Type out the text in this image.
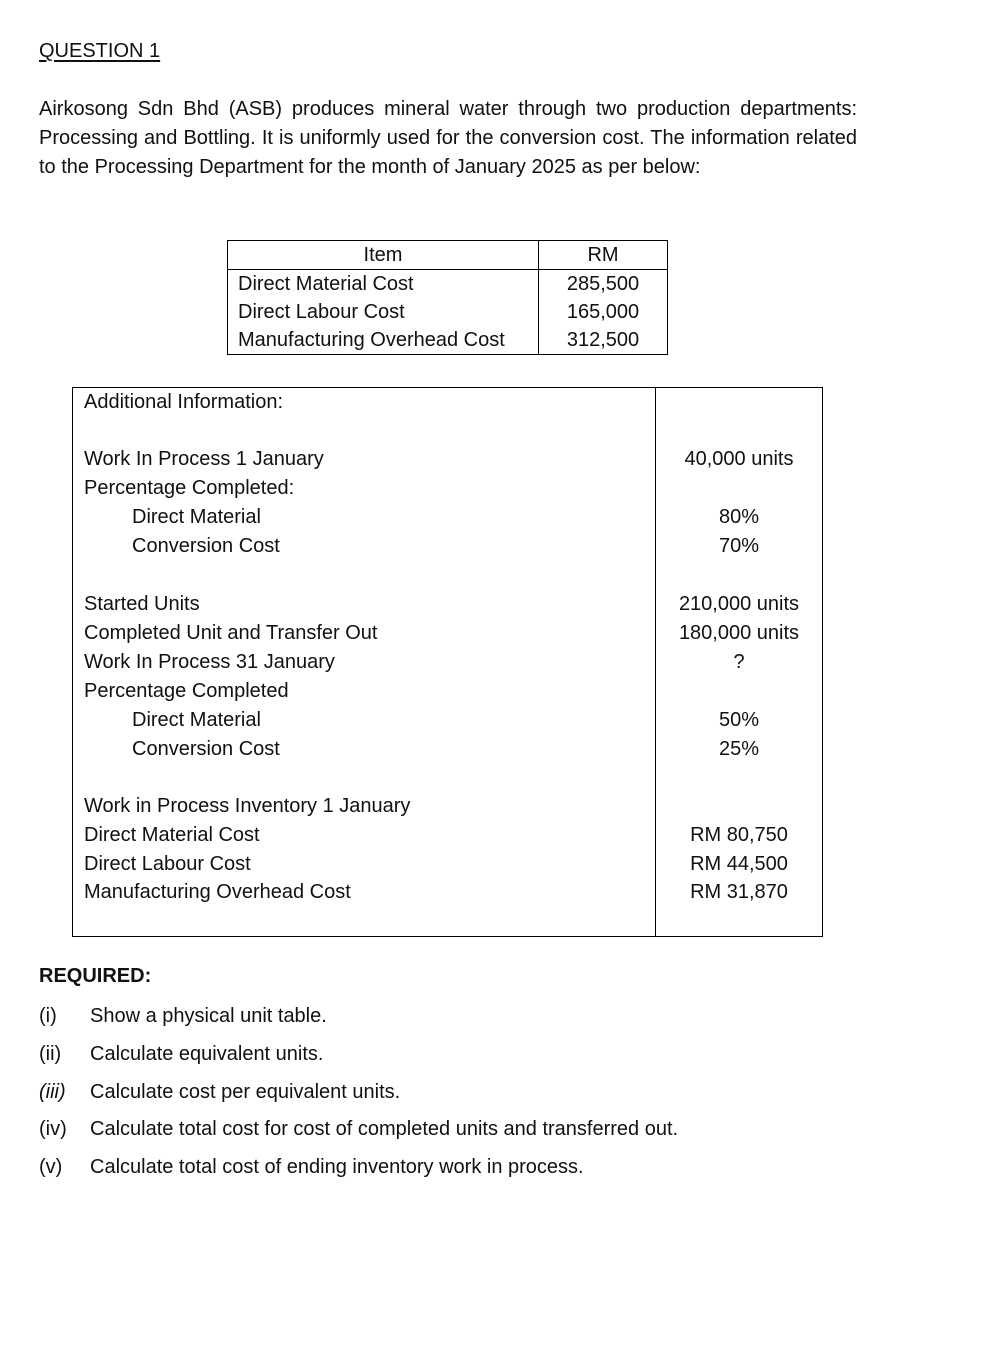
QUESTION 1
Airkosong Sdn Bhd (ASB) produces mineral water through two production departments: Processing and Bottling. It is uniformly used for the conversion cost. The information related to the Processing Department for the month of January 2025 as per below:
Item	RM
Direct Material Cost	285,500
Direct Labour Cost	165,000
Manufacturing Overhead Cost	312,500
Additional Information:
Work In Process 1 January	40,000 units
Percentage Completed:
Direct Material	80%
Conversion Cost	70%
Started Units	210,000 units
Completed Unit and Transfer Out	180,000 units
Work In Process 31 January	?
Percentage Completed
Direct Material	50%
Conversion Cost	25%
Work in Process Inventory 1 January
Direct Material Cost	RM 80,750
Direct Labour Cost	RM 44,500
Manufacturing Overhead Cost	RM 31,870
REQUIRED:
(i) Show a physical unit table.
(ii) Calculate equivalent units.
(iii) Calculate cost per equivalent units.
(iv) Calculate total cost for cost of completed units and transferred out.
(v) Calculate total cost of ending inventory work in process.
